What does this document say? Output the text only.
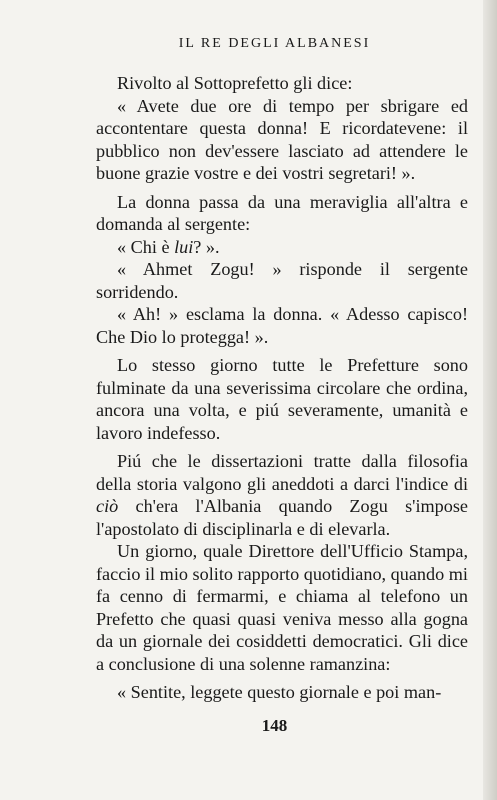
IL RE DEGLI ALBANESI

Rivolto al Sottoprefetto gli dice:

« Avete due ore di tempo per sbrigare ed accontentare questa donna! E ricordatevene: il pubblico non dev'essere lasciato ad attendere le buone grazie vostre e dei vostri segretari! ».

La donna passa da una meraviglia all'altra e domanda al sergente:

« Chi è lui? ».

« Ahmet Zogu! » risponde il sergente sorridendo.

« Ah! » esclama la donna. « Adesso capisco! Che Dio lo protegga! ».

Lo stesso giorno tutte le Prefetture sono fulminate da una severissima circolare che ordina, ancora una volta, e piú severamente, umanità e lavoro indefesso.

Piú che le dissertazioni tratte dalla filosofia della storia valgono gli aneddoti a darci l'indice di ciò ch'era l'Albania quando Zogu s'impose l'apostolato di disciplinarla e di elevarla.

Un giorno, quale Direttore dell'Ufficio Stampa, faccio il mio solito rapporto quotidiano, quando mi fa cenno di fermarmi, e chiama al telefono un Prefetto che quasi quasi veniva messo alla gogna da un giornale dei cosiddetti democratici. Gli dice a conclusione di una solenne ramanzina:

« Sentite, leggete questo giornale e poi man-

148
